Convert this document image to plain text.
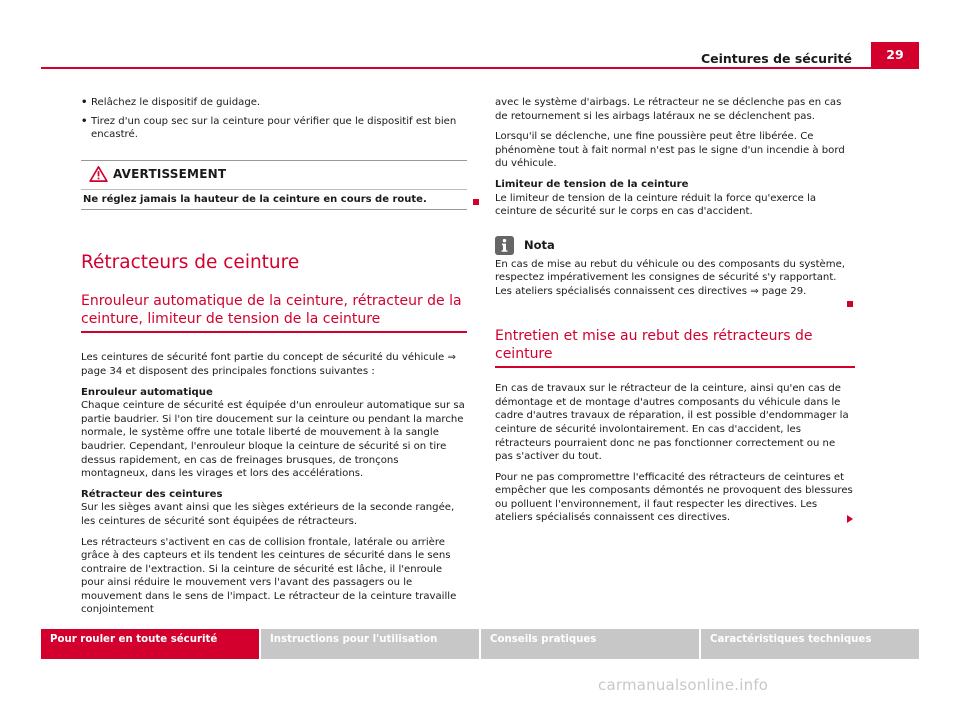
Ceintures de sécurité	29
• Relâchez le dispositif de guidage.
• Tirez d'un coup sec sur la ceinture pour vérifier que le dispositif est bien encastré.
AVERTISSEMENT
Ne réglez jamais la hauteur de la ceinture en cours de route.
Rétracteurs de ceinture
Enrouleur automatique de la ceinture, rétracteur de la ceinture, limiteur de tension de la ceinture

Les ceintures de sécurité font partie du concept de sécurité du véhicule ⇒ page 34 et disposent des principales fonctions suivantes :

Enrouleur automatique

Chaque ceinture de sécurité est équipée d'un enrouleur automatique sur sa partie baudrier. Si l'on tire doucement sur la ceinture ou pendant la marche normale, le système offre une totale liberté de mouvement à la sangle baudrier. Cependant, l'enrouleur bloque la ceinture de sécurité si on tire dessus rapidement, en cas de freinages brusques, de tronçons montagneux, dans les virages et lors des accélérations.

Rétracteur des ceintures

Sur les sièges avant ainsi que les sièges extérieurs de la seconde rangée, les ceintures de sécurité sont équipées de rétracteurs.

Les rétracteurs s'activent en cas de collision frontale, latérale ou arrière grâce à des capteurs et ils tendent les ceintures de sécurité dans le sens contraire de l'extraction. Si la ceinture de sécurité est lâche, il l'enroule pour ainsi réduire le mouvement vers l'avant des passagers ou le mouvement dans le sens de l'impact. Le rétracteur de la ceinture travaille conjointement

avec le système d'airbags. Le rétracteur ne se déclenche pas en cas de retournement si les airbags latéraux ne se déclenchent pas.

Lorsqu'il se déclenche, une fine poussière peut être libérée. Ce phénomène tout à fait normal n'est pas le signe d'un incendie à bord du véhicule.

Limiteur de tension de la ceinture

Le limiteur de tension de la ceinture réduit la force qu'exerce la ceinture de sécurité sur le corps en cas d'accident.

Nota

En cas de mise au rebut du véhicule ou des composants du système, respectez impérativement les consignes de sécurité s'y rapportant. Les ateliers spécialisés connaissent ces directives ⇒ page 29.

Entretien et mise au rebut des rétracteurs de ceinture

En cas de travaux sur le rétracteur de la ceinture, ainsi qu'en cas de démontage et de montage d'autres composants du véhicule dans le cadre d'autres travaux de réparation, il est possible d'endommager la ceinture de sécurité involontairement. En cas d'accident, les rétracteurs pourraient donc ne pas fonctionner correctement ou ne pas s'activer du tout.

Pour ne pas compromettre l'efficacité des rétracteurs de ceintures et empêcher que les composants démontés ne provoquent des blessures ou polluent l'environnement, il faut respecter les directives. Les ateliers spécialisés connaissent ces directives.

Pour rouler en toute sécurité	Instructions pour l'utilisation	Conseils pratiques	Caractéristiques techniques
carmanualsonline.info
